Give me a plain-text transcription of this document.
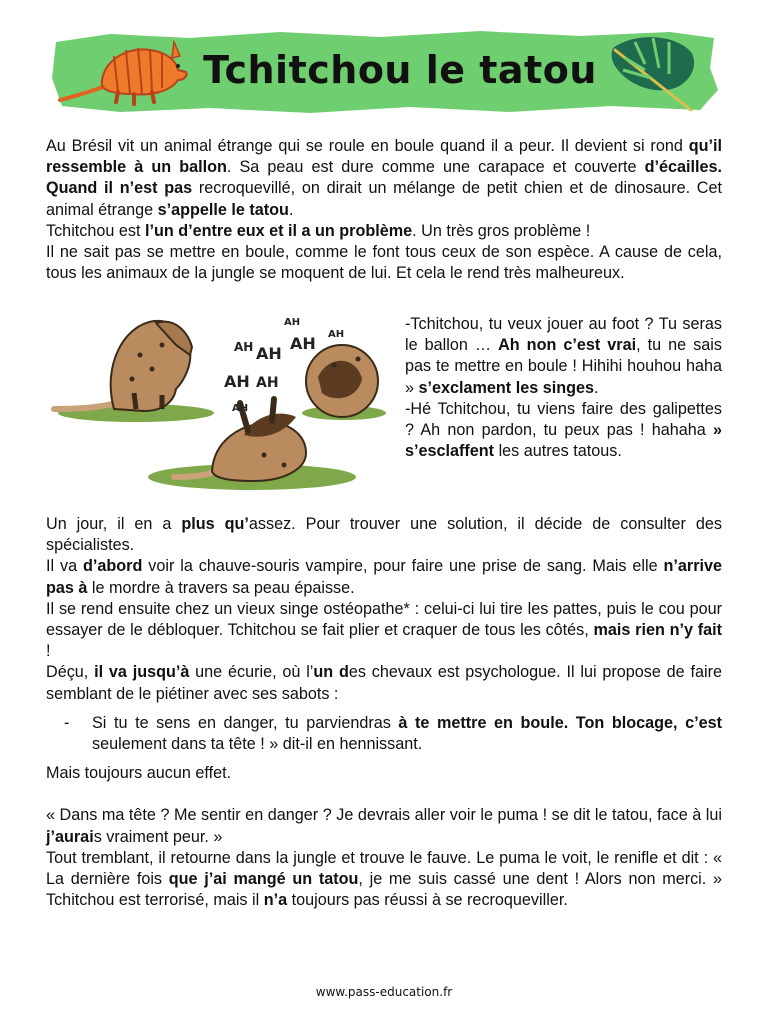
Tchitchou le tatou

Au Brésil vit un animal étrange qui se roule en boule quand il a peur. Il devient si rond qu’il ressemble à un ballon. Sa peau est dure comme une carapace et couverte d’écailles. Quand il n’est pas recroquevillé, on dirait un mélange de petit chien et de dinosaure. Cet animal étrange s’appelle le tatou.

Tchitchou est l’un d’entre eux et il a un problème. Un très gros problème !

Il ne sait pas se mettre en boule, comme le font tous ceux de son espèce. A cause de cela, tous les animaux de la jungle se moquent de lui. Et cela le rend très malheureux.

AH AH
AH
AH
AH AH
AH
AH

-Tchitchou, tu veux jouer au foot ? Tu seras le ballon … Ah non c’est vrai, tu ne sais pas te mettre en boule ! Hihihi houhou haha » s’exclament les singes.

-Hé Tchitchou, tu viens faire des galipettes ? Ah non pardon, tu peux pas ! hahaha » s’esclaffent les autres tatous.

Un jour, il en a plus qu’assez. Pour trouver une solution, il décide de consulter des spécialistes.

Il va d’abord voir la chauve-souris vampire, pour faire une prise de sang. Mais elle n’arrive pas à le mordre à travers sa peau épaisse.

Il se rend ensuite chez un vieux singe ostéopathe* : celui-ci lui tire les pattes, puis le cou pour essayer de le débloquer. Tchitchou se fait plier et craquer de tous les côtés, mais rien n’y fait !

Déçu, il va jusqu’à une écurie, où l’un des chevaux est psychologue. Il lui propose de faire semblant de le piétiner avec ses sabots :

-	Si tu te sens en danger, tu parviendras à te mettre en boule. Ton blocage, c’est seulement dans ta tête ! » dit-il en hennissant.

Mais toujours aucun effet.

« Dans ma tête ? Me sentir en danger ? Je devrais aller voir le puma ! se dit le tatou, face à lui j’aurais vraiment peur. »

Tout tremblant, il retourne dans la jungle et trouve le fauve. Le puma le voit, le renifle et dit : « La dernière fois que j’ai mangé un tatou, je me suis cassé une dent ! Alors non merci. » Tchitchou est terrorisé, mais il n’a toujours pas réussi à se recroqueviller.

www.pass-education.fr
